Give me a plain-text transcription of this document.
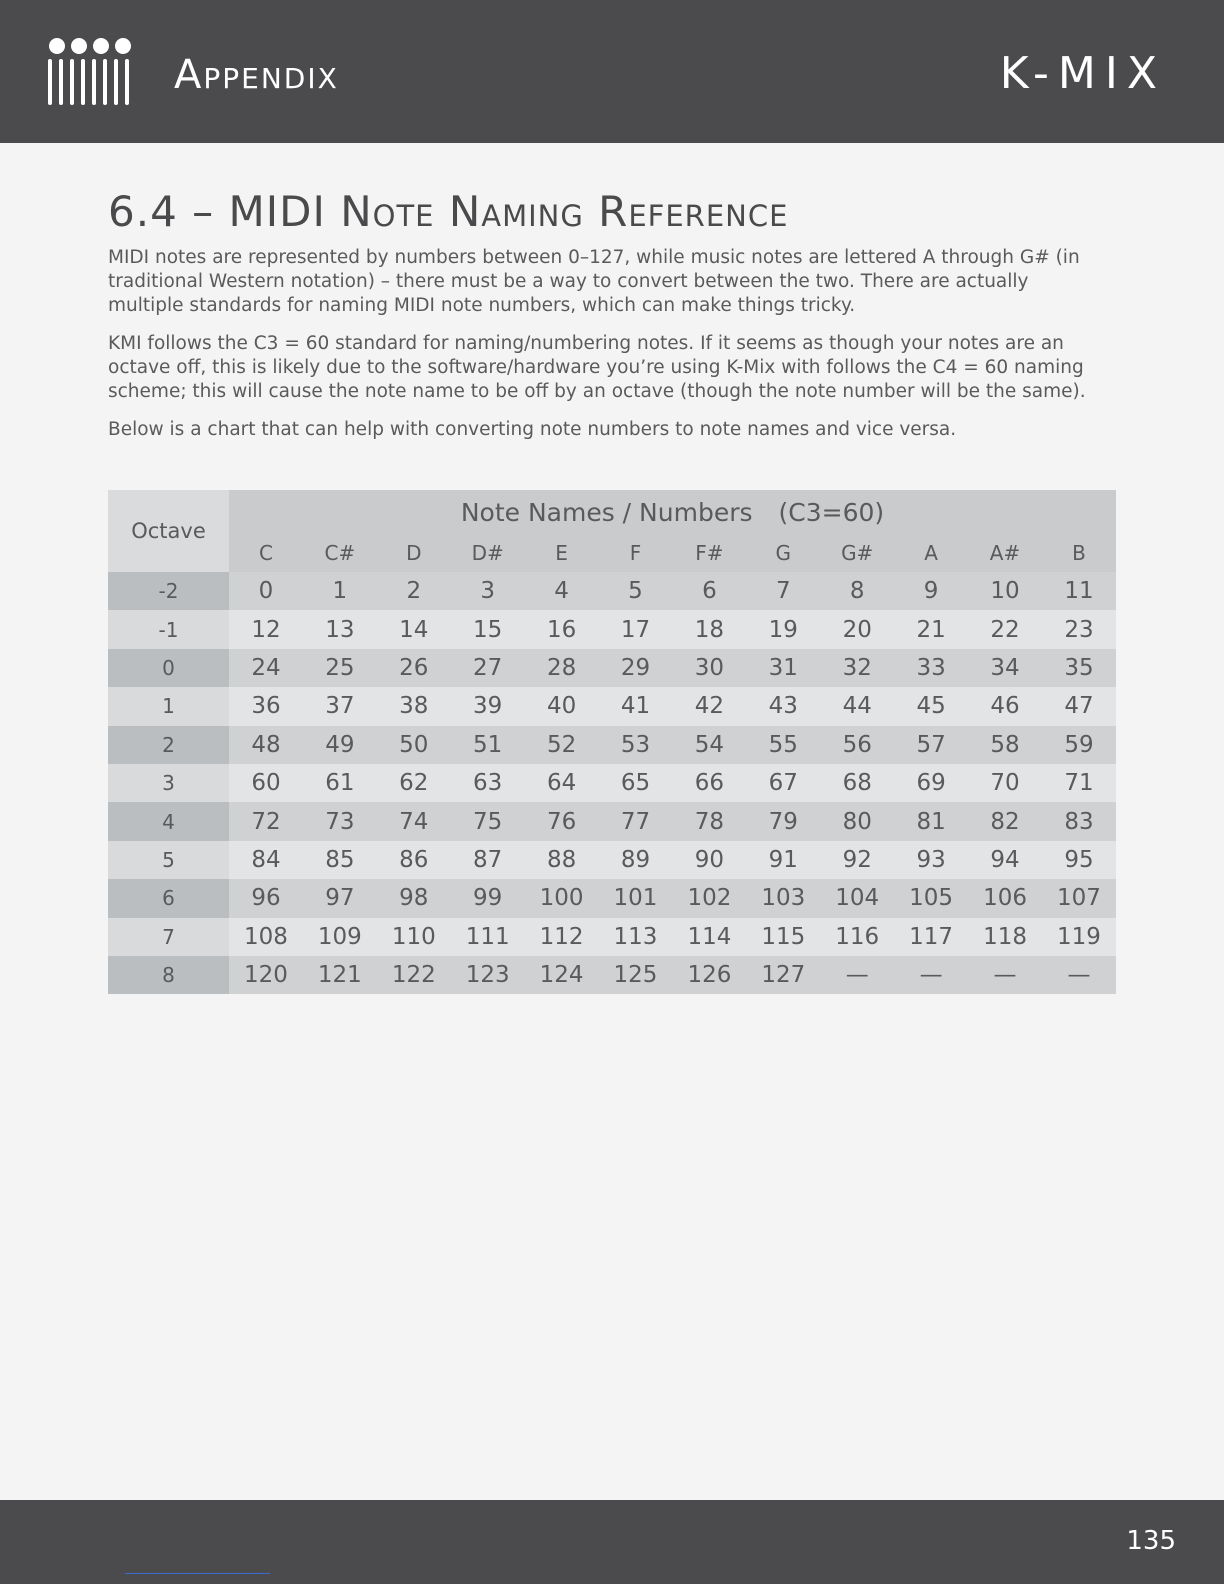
Appendix	K-MIX
6.4 – MIDI Note Naming Reference

MIDI notes are represented by numbers between 0–127, while music notes are lettered A through G# (in traditional Western notation) – there must be a way to convert between the two. There are actually multiple standards for naming MIDI note numbers, which can make things tricky.

KMI follows the C3 = 60 standard for naming/numbering notes. If it seems as though your notes are an octave off, this is likely due to the software/hardware you’re using K-Mix with follows the C4 = 60 naming scheme; this will cause the note name to be off by an octave (though the note number will be the same).

Below is a chart that can help with converting note numbers to note names and vice versa.

Octave	Note Names / Numbers (C3=60)											
	C	C#	D	D#	E	F	F#	G	G#	A	A#	B
-2	0	1	2	3	4	5	6	7	8	9	10	11
-1	12	13	14	15	16	17	18	19	20	21	22	23
0	24	25	26	27	28	29	30	31	32	33	34	35
1	36	37	38	39	40	41	42	43	44	45	46	47
2	48	49	50	51	52	53	54	55	56	57	58	59
3	60	61	62	63	64	65	66	67	68	69	70	71
4	72	73	74	75	76	77	78	79	80	81	82	83
5	84	85	86	87	88	89	90	91	92	93	94	95
6	96	97	98	99	100	101	102	103	104	105	106	107
7	108	109	110	111	112	113	114	115	116	117	118	119
8	120	121	122	123	124	125	126	127	—	—	—	—
135
